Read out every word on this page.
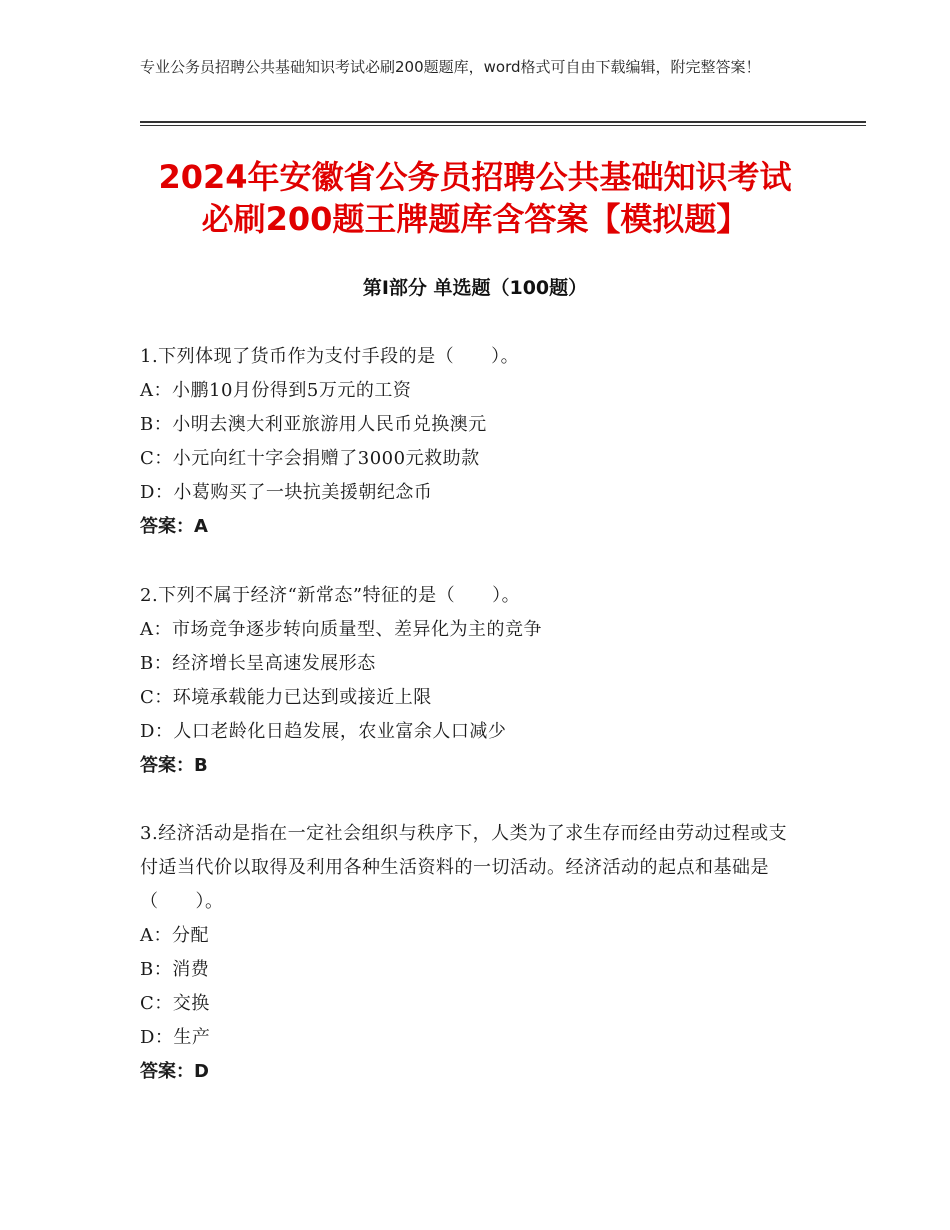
专业公务员招聘公共基础知识考试必刷200题题库，word格式可自由下载编辑，附完整答案！
2024年安徽省公务员招聘公共基础知识考试
必刷200题王牌题库含答案【模拟题】
第Ⅰ部分 单选题（100题）
1.下列体现了货币作为支付手段的是（　　）。
A：小鹏10月份得到5万元的工资
B：小明去澳大利亚旅游用人民币兑换澳元
C：小元向红十字会捐赠了3000元救助款
D：小葛购买了一块抗美援朝纪念币
答案：A
2.下列不属于经济“新常态”特征的是（　　）。
A：市场竞争逐步转向质量型、差异化为主的竞争
B：经济增长呈高速发展形态
C：环境承载能力已达到或接近上限
D：人口老龄化日趋发展，农业富余人口减少
答案：B
3.经济活动是指在一定社会组织与秩序下，人类为了求生存而经由劳动过程或支付适当代价以取得及利用各种生活资料的一切活动。经济活动的起点和基础是（　　）。
A：分配
B：消费
C：交换
D：生产
答案：D
